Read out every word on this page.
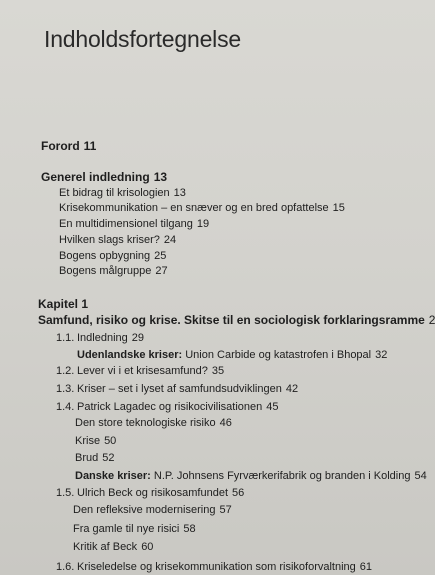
Indholdsfortegnelse
Forord 11
Generel indledning 13
Et bidrag til krisologien 13
Krisekommunikation – en snæver og en bred opfattelse 15
En multidimensionel tilgang 19
Hvilken slags kriser? 24
Bogens opbygning 25
Bogens målgruppe 27
Kapitel 1
Samfund, risiko og krise. Skitse til en sociologisk forklaringsramme 2
1.1. Indledning 29
Udenlandske kriser: Union Carbide og katastrofen i Bhopal 32
1.2. Lever vi i et krisesamfund? 35
1.3. Kriser – set i lyset af samfundsudviklingen 42
1.4. Patrick Lagadec og risikocivilisationen 45
Den store teknologiske risiko 46
Krise 50
Brud 52
Danske kriser: N.P. Johnsens Fyrværkerifabrik og branden i Kolding 54
1.5. Ulrich Beck og risikosamfundet 56
Den refleksive modernisering 57
Fra gamle til nye risici 58
Kritik af Beck 60
1.6. Kriseledelse og krisekommunikation som risikoforvaltning 61
